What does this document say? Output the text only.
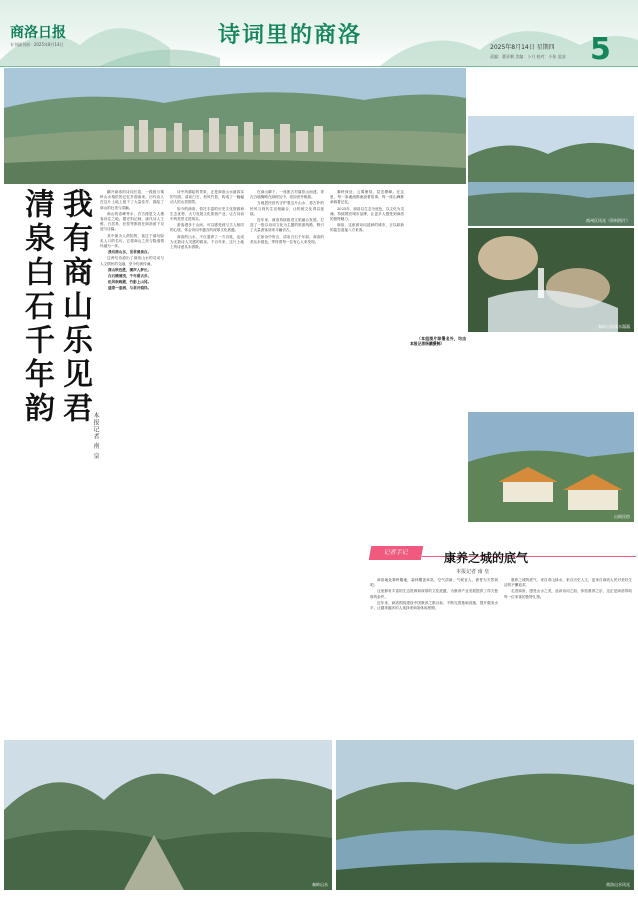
商洛日报
专刊副刊部 · 2025年8月14日	诗词里的商洛	2025年8月14日 星期四
责编：董亚朝 美编：卜月 校对：小张 监安 5
商州区风光（资料图片）
秦岭山间溪水潺潺
山间民宿
我有商山乐见君
清泉白石千年韵
本报记者 南 皇

翻开商洛的诗词长卷，一段段与秦岭山水相依的记忆扑面而来。历代诗人在这片土地上留下了大量佳作，描绘了商山的壮美与清幽。

商山的奇峰秀水，自古便是文人墨客向往之地。据史料记载，唐代诗人王维、白居易、杜牧等都曾在商洛留下足迹与诗篇。

其中最为人熟知的，莫过于那句脍炙人口的名句，它将商山之美与隐逸情怀融为一体。

我有商山乐，见君清泉白。

这两句诗道出了商洛山水的灵动与人文情怀的交融，至今仍被传诵。

商山秋色胜，溪声入梦长。

白石横清浅，千年照古乡。

松风吹晚霞，竹影上山冈。

遥寄一壶酒，与君共徜徉。

诗中所描绘的景象，正是商洛山水最真实的写照。清泉白石，松风竹影，构成了一幅幅动人的山居图景。

如今的商洛，依托丰富的历史文化资源和生态优势，大力发展文化旅游产业，让古诗词中的美景走进现实。

游客漫步于山间，可以感受到与古人相同的心境，体会诗词中蕴含的深厚文化底蕴。

商洛的山水，不仅滋养了一方百姓，也成为无数诗人灵感的源泉。千百年来，这片土地上的诗意从未消散。

在商山脚下，一座座古村落依山而建，青瓦白墙掩映在绿树丛中，宛如世外桃源。

当地居民世代守护着这片山水，将古朴的民风与现代生活相融合，让传统文化得以延续。

近年来，商洛持续推进文旅融合发展，打造了一批以诗词文化为主题的旅游线路，吸引了大量游客前来寻幽访古。

正如诗中所言，清泉白石千年韵，商洛的美从未褪色，等待着每一位有心人来发现。

秦岭深处，云雾缭绕，层峦叠嶂。在这里，每一条溪流都流淌着故事，每一座山峰都承载着记忆。

2025年，商洛以生态为底色，以文化为灵魂，持续擦亮城市品牌，让更多人感受到商洛的独特魅力。

商洛，这座被诗词浸润的城市，正以崭新的姿态迎接八方来客。

（本组图片除署名外，均由本报记者杨鹏摄制）

记者手记	康养之城的底气
本报记者 南 皇

商洛地处秦岭腹地，森林覆盖率高，空气清新，气候宜人，被誉为天然氧吧。

这里拥有丰富的生态资源和深厚的文化底蕴，为康养产业发展提供了得天独厚的条件。

近年来，商洛围绕建设中国康养之都目标，不断完善基础设施，提升服务水平，让越来越多的人选择来商洛休闲度假。

康养之城的底气，来自青山绿水，来自历史人文，更来自商洛人民对美好生活的不懈追求。

走进商洛，感受山水之美，品读诗词之韵，体验康养之乐，这正是商洛带给每一位来客的独特礼物。

秦岭山水	商洛山水风光
